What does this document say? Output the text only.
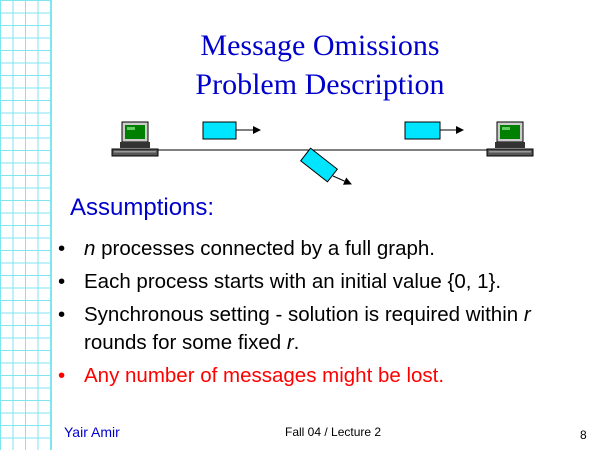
Message Omissions
Problem Description
Assumptions:
• n processes connected by a full graph.
• Each process starts with an initial value {0, 1}.
• Synchronous setting - solution is required within r rounds for some fixed r.
• Any number of messages might be lost.
Yair Amir	Fall 04 / Lecture 2	8
